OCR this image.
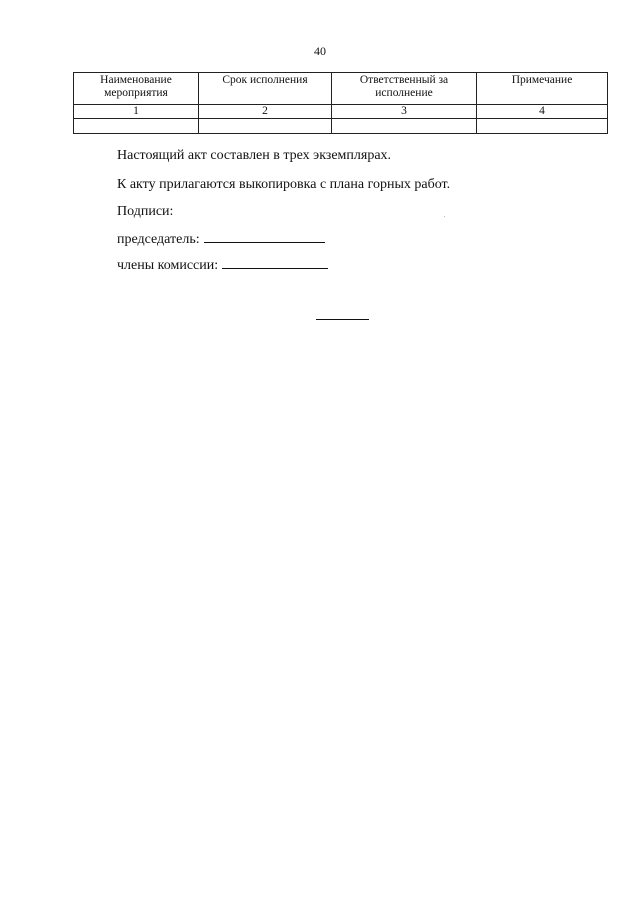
40
Наименование мероприятия	Срок исполнения	Ответственный за исполнение	Примечание
1	2	3	4

Настоящий акт составлен в трех экземплярах.
К акту прилагаются выкопировка с плана горных работ.
Подписи:
председатель:
члены комиссии:
